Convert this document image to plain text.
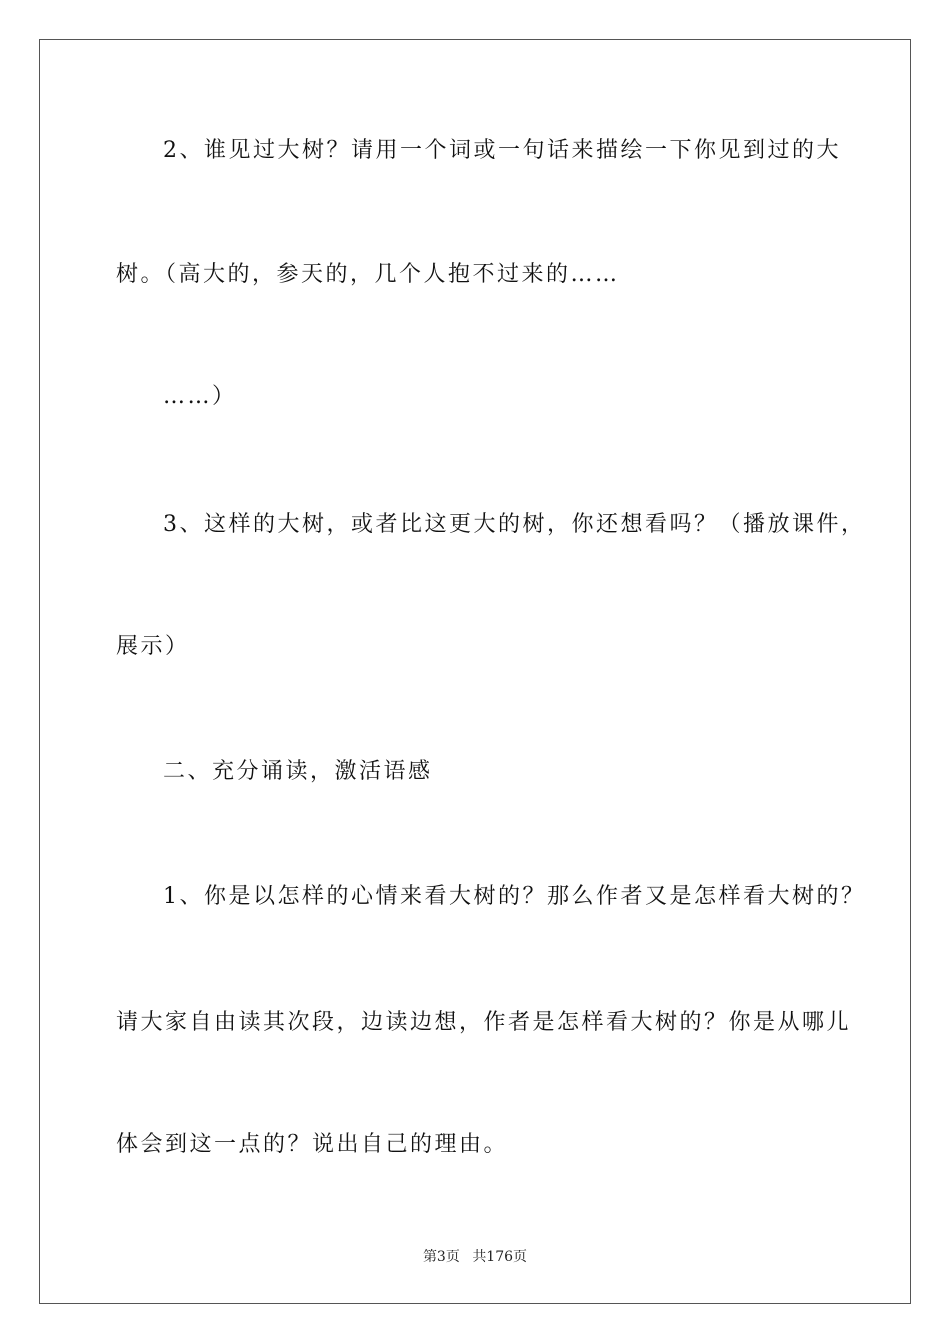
2、谁见过大树？请用一个词或一句话来描绘一下你见到过的大
树。（高大的，参天的，几个人抱不过来的……
……）
3、这样的大树，或者比这更大的树，你还想看吗？（播放课件，
展示）
二、充分诵读，激活语感
1、你是以怎样的心情来看大树的？那么作者又是怎样看大树的？
请大家自由读其次段，边读边想，作者是怎样看大树的？你是从哪儿
体会到这一点的？说出自己的理由。
第3页 共176页
